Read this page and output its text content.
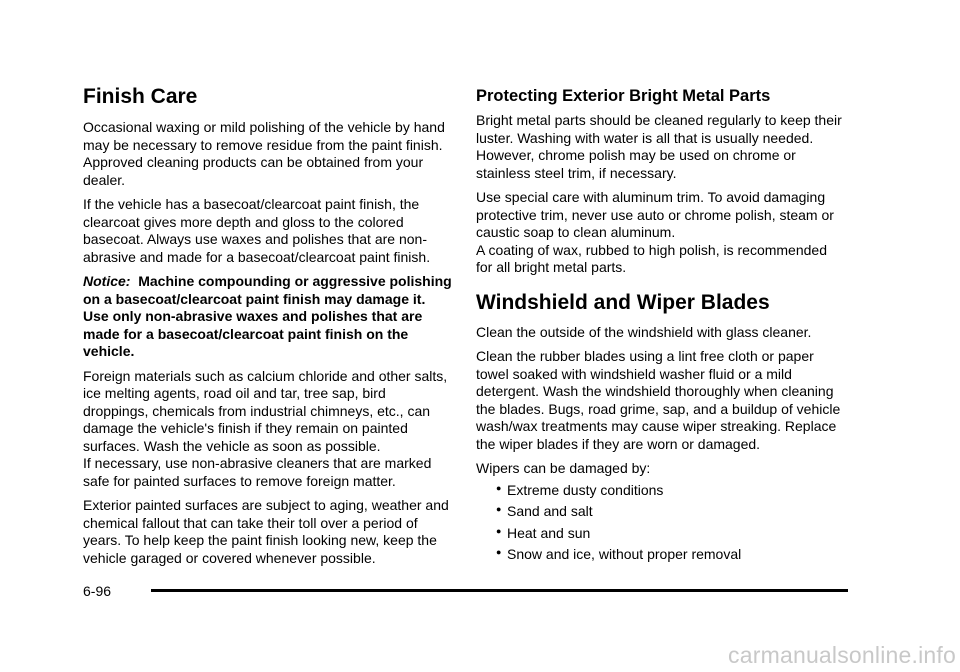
Finish Care

Occasional waxing or mild polishing of the vehicle by hand may be necessary to remove residue from the paint finish. Approved cleaning products can be obtained from your dealer.

If the vehicle has a basecoat/clearcoat paint finish, the clearcoat gives more depth and gloss to the colored basecoat. Always use waxes and polishes that are non-abrasive and made for a basecoat/clearcoat paint finish.

Notice: Machine compounding or aggressive polishing on a basecoat/clearcoat paint finish may damage it. Use only non-abrasive waxes and polishes that are made for a basecoat/clearcoat paint finish on the vehicle.

Foreign materials such as calcium chloride and other salts, ice melting agents, road oil and tar, tree sap, bird droppings, chemicals from industrial chimneys, etc., can damage the vehicle's finish if they remain on painted surfaces. Wash the vehicle as soon as possible.

If necessary, use non-abrasive cleaners that are marked safe for painted surfaces to remove foreign matter.

Exterior painted surfaces are subject to aging, weather and chemical fallout that can take their toll over a period of years. To help keep the paint finish looking new, keep the vehicle garaged or covered whenever possible.

Protecting Exterior Bright Metal Parts

Bright metal parts should be cleaned regularly to keep their luster. Washing with water is all that is usually needed. However, chrome polish may be used on chrome or stainless steel trim, if necessary.

Use special care with aluminum trim. To avoid damaging protective trim, never use auto or chrome polish, steam or caustic soap to clean aluminum.

A coating of wax, rubbed to high polish, is recommended for all bright metal parts.

Windshield and Wiper Blades

Clean the outside of the windshield with glass cleaner.

Clean the rubber blades using a lint free cloth or paper towel soaked with windshield washer fluid or a mild detergent. Wash the windshield thoroughly when cleaning the blades. Bugs, road grime, sap, and a buildup of vehicle wash/wax treatments may cause wiper streaking. Replace the wiper blades if they are worn or damaged.

Wipers can be damaged by:

● Extreme dusty conditions
● Sand and salt
● Heat and sun
● Snow and ice, without proper removal
6-96
carmanualsonline.info
